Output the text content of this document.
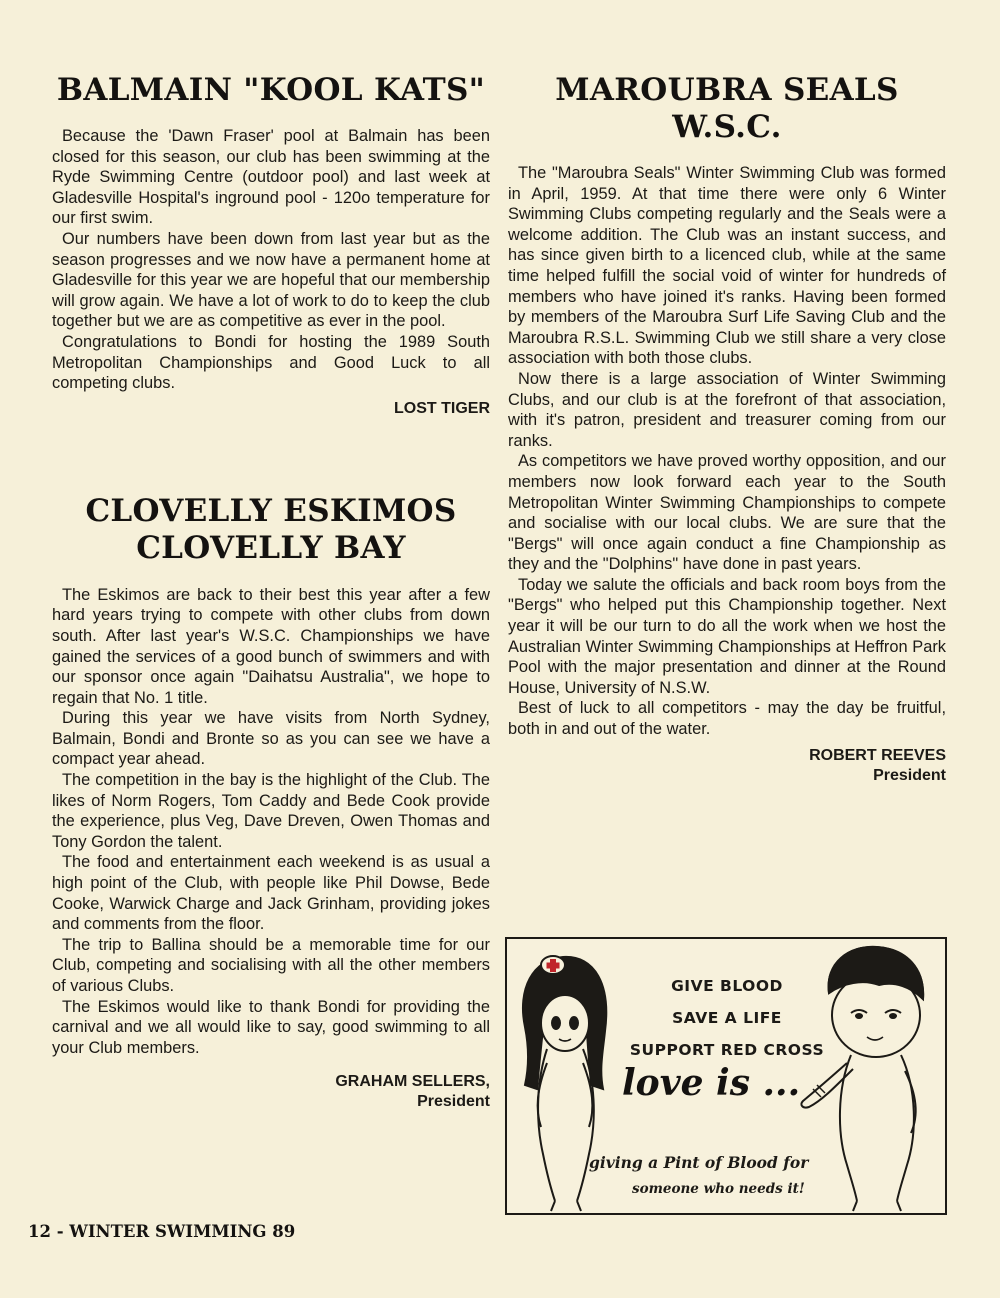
BALMAIN "KOOL KATS"

Because the 'Dawn Fraser' pool at Balmain has been closed for this season, our club has been swimming at the Ryde Swimming Centre (outdoor pool) and last week at Gladesville Hospital's inground pool - 120o temperature for our first swim.

Our numbers have been down from last year but as the season progresses and we now have a permanent home at Gladesville for this year we are hopeful that our membership will grow again. We have a lot of work to do to keep the club together but we are as competitive as ever in the pool.

Congratulations to Bondi for hosting the 1989 South Metropolitan Championships and Good Luck to all competing clubs.

LOST TIGER
CLOVELLY ESKIMOS
CLOVELLY BAY

The Eskimos are back to their best this year after a few hard years trying to compete with other clubs from down south. After last year's W.S.C. Championships we have gained the services of a good bunch of swimmers and with our sponsor once again "Daihatsu Australia", we hope to regain that No. 1 title.

During this year we have visits from North Sydney, Balmain, Bondi and Bronte so as you can see we have a compact year ahead.

The competition in the bay is the highlight of the Club. The likes of Norm Rogers, Tom Caddy and Bede Cook provide the experience, plus Veg, Dave Dreven, Owen Thomas and Tony Gordon the talent.

The food and entertainment each weekend is as usual a high point of the Club, with people like Phil Dowse, Bede Cooke, Warwick Charge and Jack Grinham, providing jokes and comments from the floor.

The trip to Ballina should be a memorable time for our Club, competing and socialising with all the other members of various Clubs.

The Eskimos would like to thank Bondi for providing the carnival and we all would like to say, good swimming to all your Club members.

GRAHAM SELLERS,
President
MAROUBRA SEALS
W.S.C.

The "Maroubra Seals" Winter Swimming Club was formed in April, 1959. At that time there were only 6 Winter Swimming Clubs competing regularly and the Seals were a welcome addition. The Club was an instant success, and has since given birth to a licenced club, while at the same time helped fulfill the social void of winter for hundreds of members who have joined it's ranks. Having been formed by members of the Maroubra Surf Life Saving Club and the Maroubra R.S.L. Swimming Club we still share a very close association with both those clubs.

Now there is a large association of Winter Swimming Clubs, and our club is at the forefront of that association, with it's patron, president and treasurer coming from our ranks.

As competitors we have proved worthy opposition, and our members now look forward each year to the South Metropolitan Winter Swimming Championships to compete and socialise with our local clubs. We are sure that the "Bergs" will once again conduct a fine Championship as they and the "Dolphins" have done in past years.

Today we salute the officials and back room boys from the "Bergs" who helped put this Championship together. Next year it will be our turn to do all the work when we host the Australian Winter Swimming Championships at Heffron Park Pool with the major presentation and dinner at the Round House, University of N.S.W.

Best of luck to all competitors - may the day be fruitful, both in and out of the water.

ROBERT REEVES
President
GIVE BLOOD
SAVE A LIFE
SUPPORT RED CROSS
love is ...
giving a Pint of Blood for
someone who needs it!
12 - WINTER SWIMMING 89
